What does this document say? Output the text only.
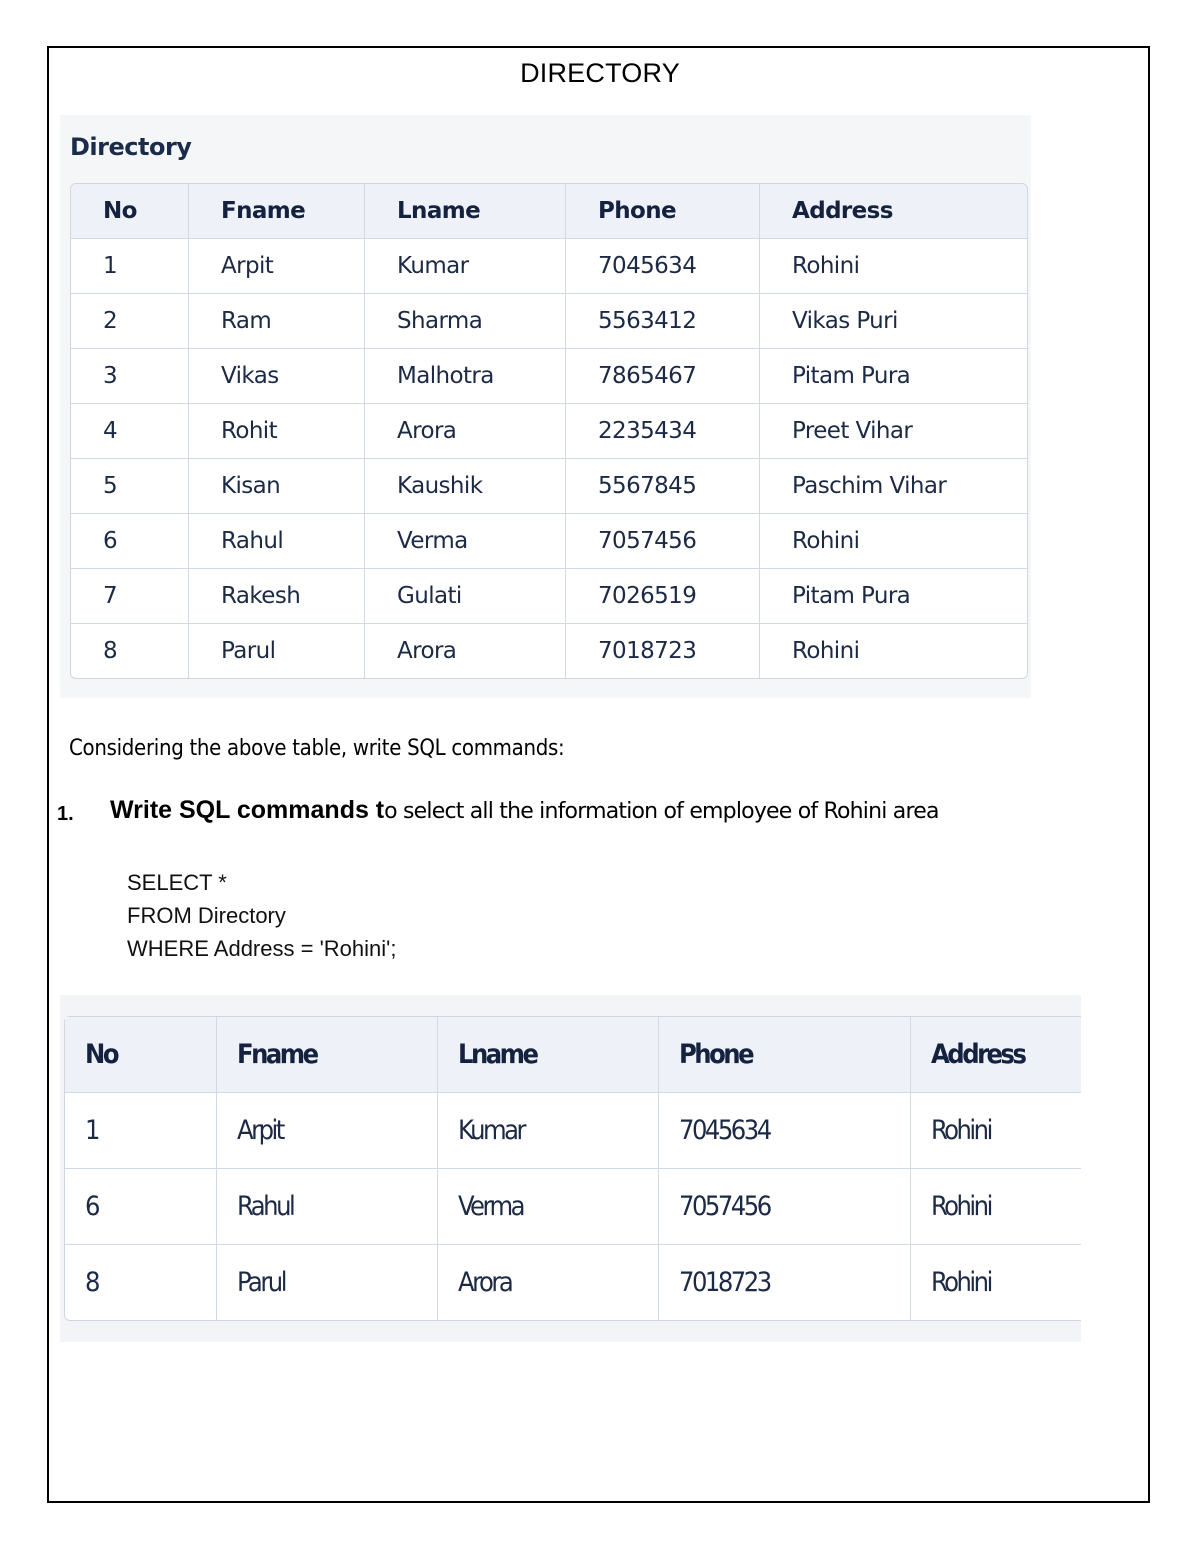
DIRECTORY
Directory
No	Fname	Lname	Phone	Address
1	Arpit	Kumar	7045634	Rohini
2	Ram	Sharma	5563412	Vikas Puri
3	Vikas	Malhotra	7865467	Pitam Pura
4	Rohit	Arora	2235434	Preet Vihar
5	Kisan	Kaushik	5567845	Paschim Vihar
6	Rahul	Verma	7057456	Rohini
7	Rakesh	Gulati	7026519	Pitam Pura
8	Parul	Arora	7018723	Rohini
Considering the above table, write SQL commands:
1. Write SQL commands to select all the information of employee of Rohini area
SELECT *
FROM Directory
WHERE Address = 'Rohini';
No	Fname	Lname	Phone	Address
1	Arpit	Kumar	7045634	Rohini
6	Rahul	Verma	7057456	Rohini
8	Parul	Arora	7018723	Rohini
